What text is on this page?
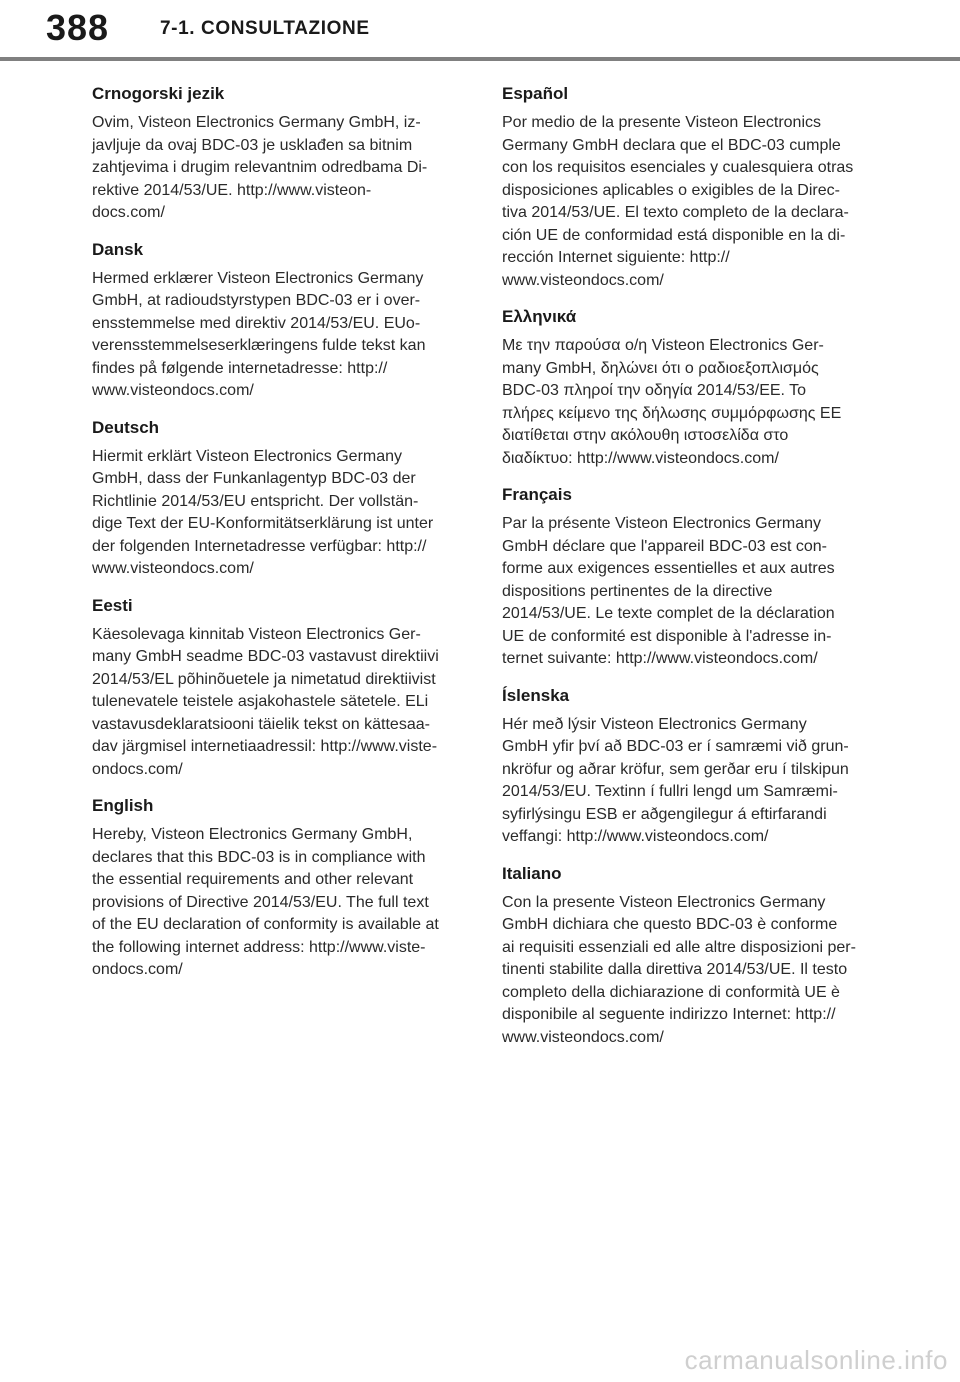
388	7-1. CONSULTAZIONE
Crnogorski jezik
Ovim, Visteon Electronics Germany GmbH, iz-
javljuje da ovaj BDC-03 je usklađen sa bitnim
zahtjevima i drugim relevantnim odredbama Di-
rektive 2014/53/UE. http://www.visteon-
docs.com/
Dansk
Hermed erklærer Visteon Electronics Germany
GmbH, at radioudstyrstypen BDC-03 er i over-
ensstemmelse med direktiv 2014/53/EU. EUo-
verensstemmelseserklæringens fulde tekst kan
findes på følgende internetadresse: http://
www.visteondocs.com/
Deutsch
Hiermit erklärt Visteon Electronics Germany
GmbH, dass der Funkanlagentyp BDC-03 der
Richtlinie 2014/53/EU entspricht. Der vollstän-
dige Text der EU-Konformitätserklärung ist unter
der folgenden Internetadresse verfügbar: http://
www.visteondocs.com/
Eesti
Käesolevaga kinnitab Visteon Electronics Ger-
many GmbH seadme BDC-03 vastavust direktiivi
2014/53/EL põhinõuetele ja nimetatud direktiivist
tulenevatele teistele asjakohastele sätetele. ELi
vastavusdeklaratsiooni täielik tekst on kättesaa-
dav järgmisel internetiaadressil: http://www.viste-
ondocs.com/
English
Hereby, Visteon Electronics Germany GmbH,
declares that this BDC-03 is in compliance with
the essential requirements and other relevant
provisions of Directive 2014/53/EU. The full text
of the EU declaration of conformity is available at
the following internet address: http://www.viste-
ondocs.com/
Español
Por medio de la presente Visteon Electronics
Germany GmbH declara que el BDC-03 cumple
con los requisitos esenciales y cualesquiera otras
disposiciones aplicables o exigibles de la Direc-
tiva 2014/53/UE. El texto completo de la declara-
ción UE de conformidad está disponible en la di-
rección Internet siguiente: http://
www.visteondocs.com/
Ελληνικά
Με την παρούσα ο/η Visteon Electronics Ger-
many GmbH, δηλώνει ότι ο ραδιοεξοπλισμός
BDC-03 πληροί την οδηγία 2014/53/ΕΕ. Το
πλήρες κείμενο της δήλωσης συμμόρφωσης ΕΕ
διατίθεται στην ακόλουθη ιστοσελίδα στο
διαδίκτυο: http://www.visteondocs.com/
Français
Par la présente Visteon Electronics Germany
GmbH déclare que l'appareil BDC-03 est con-
forme aux exigences essentielles et aux autres
dispositions pertinentes de la directive
2014/53/UE. Le texte complet de la déclaration
UE de conformité est disponible à l'adresse in-
ternet suivante: http://www.visteondocs.com/
Íslenska
Hér með lýsir Visteon Electronics Germany
GmbH yfir því að BDC-03 er í samræmi við grun-
nkröfur og aðrar kröfur, sem gerðar eru í tilskipun
2014/53/EU. Textinn í fullri lengd um Samræmi-
syfirlýsingu ESB er aðgengilegur á eftirfarandi
veffangi: http://www.visteondocs.com/
Italiano
Con la presente Visteon Electronics Germany
GmbH dichiara che questo BDC-03 è conforme
ai requisiti essenziali ed alle altre disposizioni per-
tinenti stabilite dalla direttiva 2014/53/UE. Il testo
completo della dichiarazione di conformità UE è
disponibile al seguente indirizzo Internet: http://
www.visteondocs.com/
carmanualsonline.info
